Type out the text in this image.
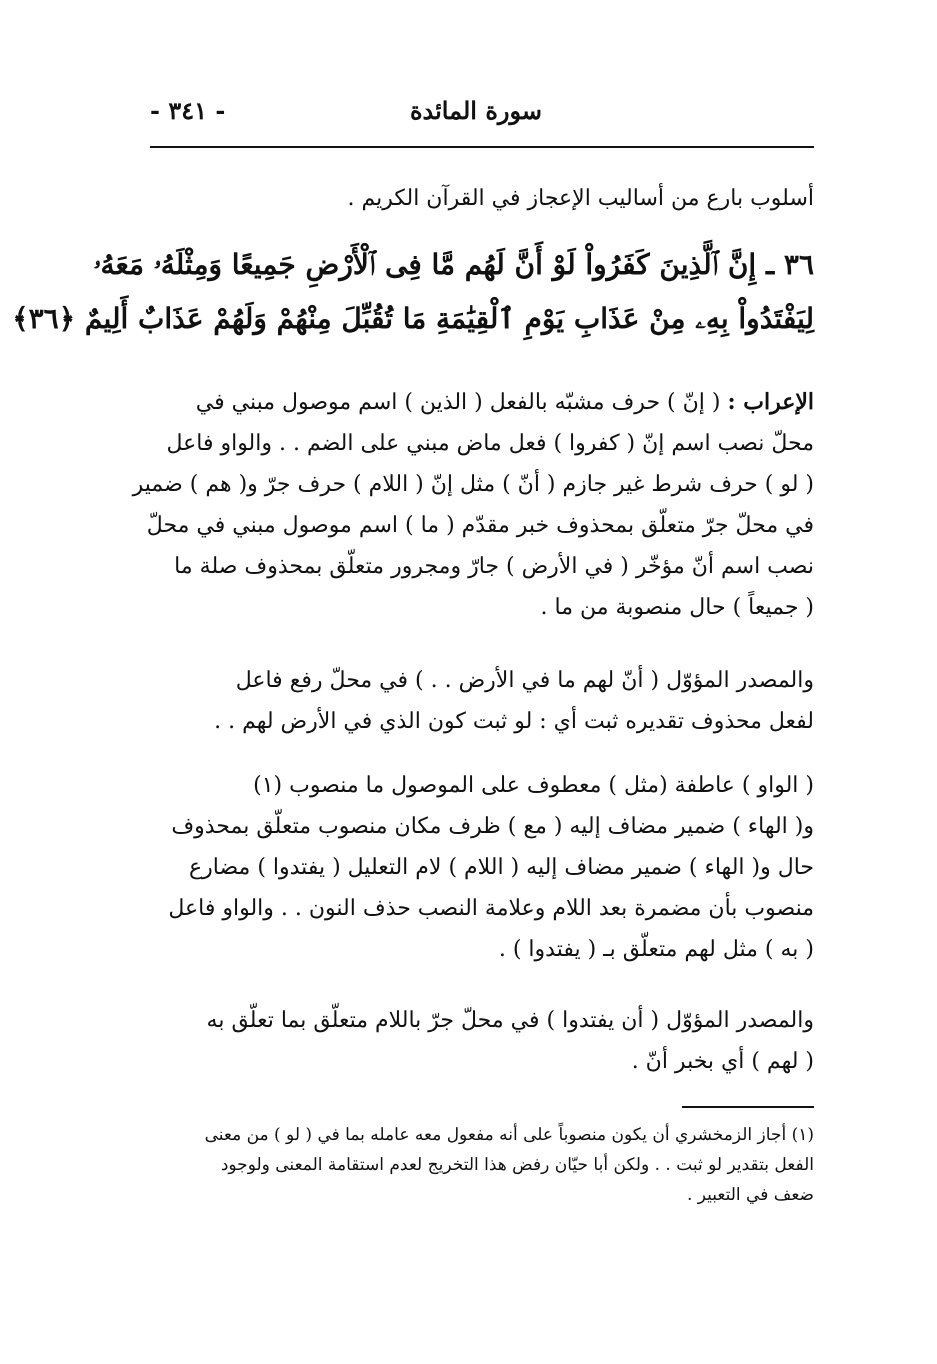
سورة المائدة
- ٣٤١ -
أسلوب بارع من أساليب الإعجاز في القرآن الكريم .
٣٦ ـ إِنَّ ٱلَّذِينَ كَفَرُواْ لَوْ أَنَّ لَهُم مَّا فِى ٱلْأَرْضِ جَمِيعًا وَمِثْلَهُۥ مَعَهُۥ
لِيَفْتَدُواْ بِهِۦ مِنْ عَذَابِ يَوْمِ ٱلْقِيَٰمَةِ مَا تُقُبِّلَ مِنْهُمْ وَلَهُمْ عَذَابٌ أَلِيمٌ ﴿٣٦﴾
الإعراب : ( إنّ ) حرف مشبّه بالفعل ( الذين ) اسم موصول مبني في
محلّ نصب اسم إنّ ( كفروا ) فعل ماض مبني على الضم . . والواو فاعل
( لو ) حرف شرط غير جازم ( أنّ ) مثل إنّ ( اللام ) حرف جرّ و( هم ) ضمير
في محلّ جرّ متعلّق بمحذوف خبر مقدّم ( ما ) اسم موصول مبني في محلّ
نصب اسم أنّ مؤخّر ( في الأرض ) جارّ ومجرور متعلّق بمحذوف صلة ما
( جميعاً ) حال منصوبة من ما .
والمصدر المؤوّل ( أنّ لهم ما في الأرض . . ) في محلّ رفع فاعل
لفعل محذوف تقديره ثبت أي : لو ثبت كون الذي في الأرض لهم . .
( الواو ) عاطفة (مثل ) معطوف على الموصول ما منصوب (١)
و( الهاء ) ضمير مضاف إليه ( مع ) ظرف مكان منصوب متعلّق بمحذوف
حال و( الهاء ) ضمير مضاف إليه ( اللام ) لام التعليل ( يفتدوا ) مضارع
منصوب بأن مضمرة بعد اللام وعلامة النصب حذف النون . . والواو فاعل
( به ) مثل لهم متعلّق بـ ( يفتدوا ) .
والمصدر المؤوّل ( أن يفتدوا ) في محلّ جرّ باللام متعلّق بما تعلّق به
( لهم ) أي بخبر أنّ .
(١) أجاز الزمخشري أن يكون منصوباً على أنه مفعول معه عامله بما في ( لو ) من معنى
الفعل بتقدير لو ثبت . . ولكن أبا حيّان رفض هذا التخريج لعدم استقامة المعنى ولوجود
ضعف في التعبير .
